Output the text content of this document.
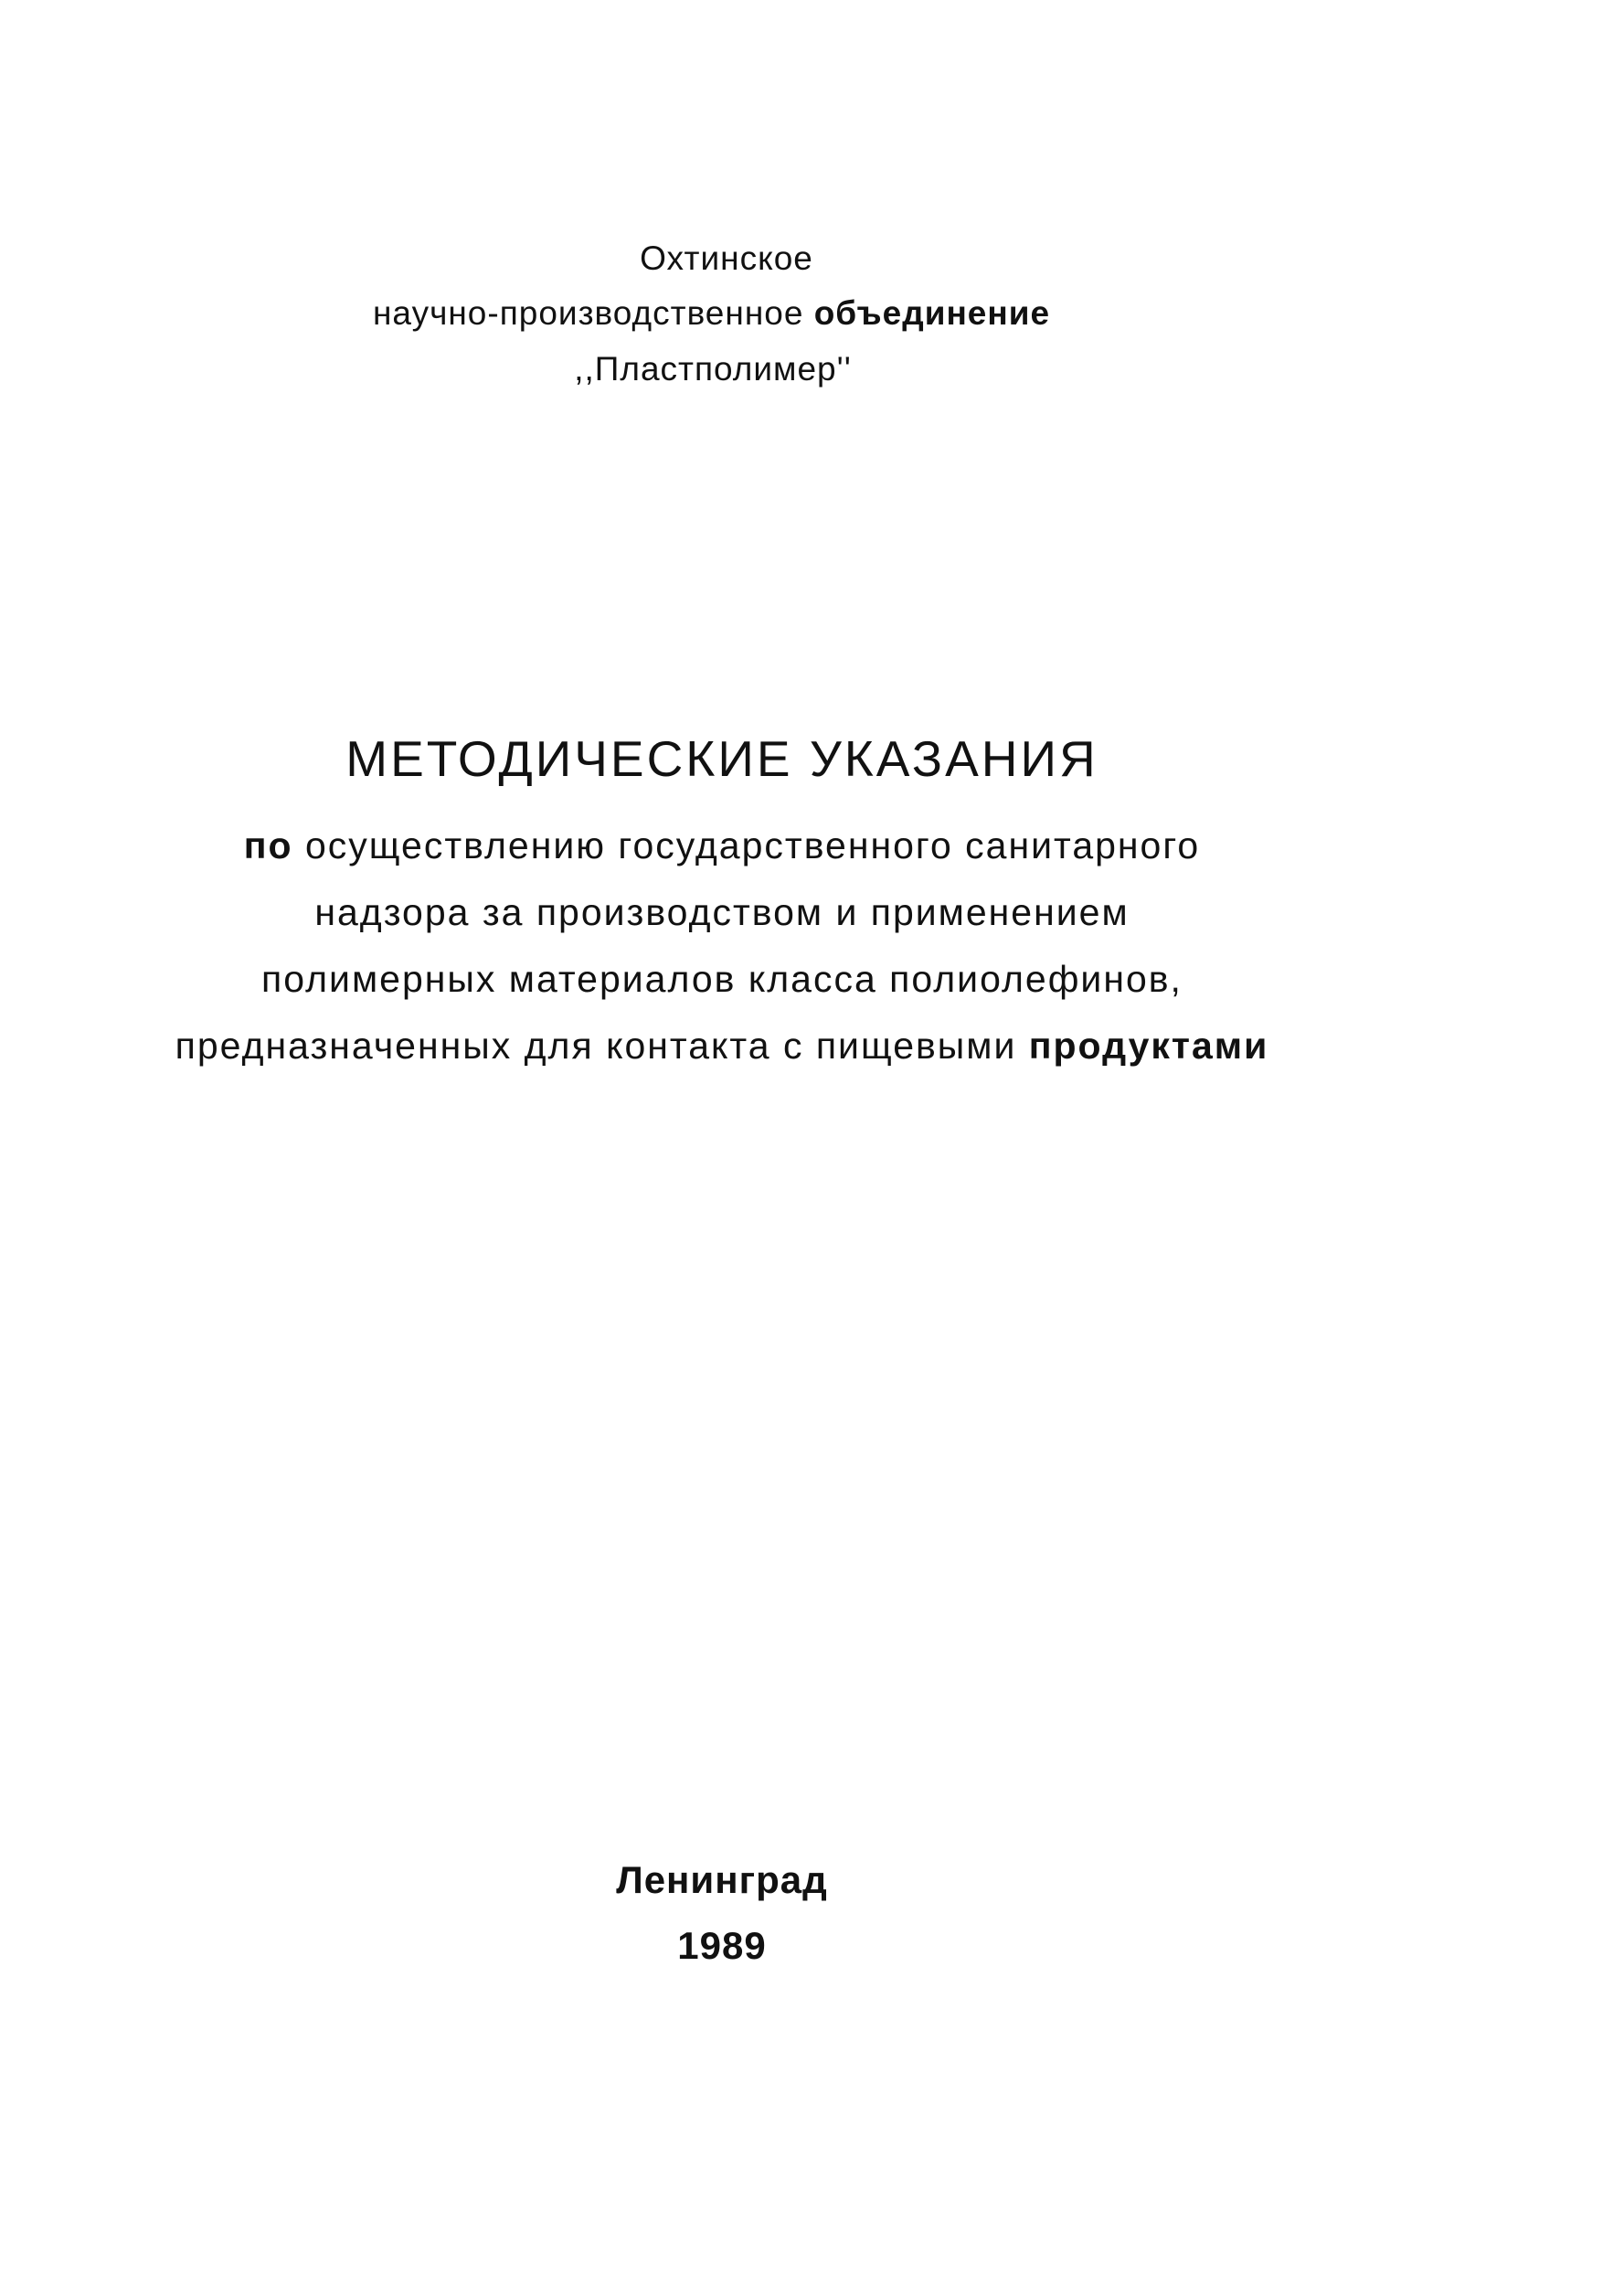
Охтинское
научно-производственное объединение
,,Пластполимер''
МЕТОДИЧЕСКИЕ УКАЗАНИЯ
по осуществлению государственного санитарного
надзора за производством и применением
полимерных материалов класса полиолефинов,
предназначенных для контакта с пищевыми продуктами
Ленинград
1989
